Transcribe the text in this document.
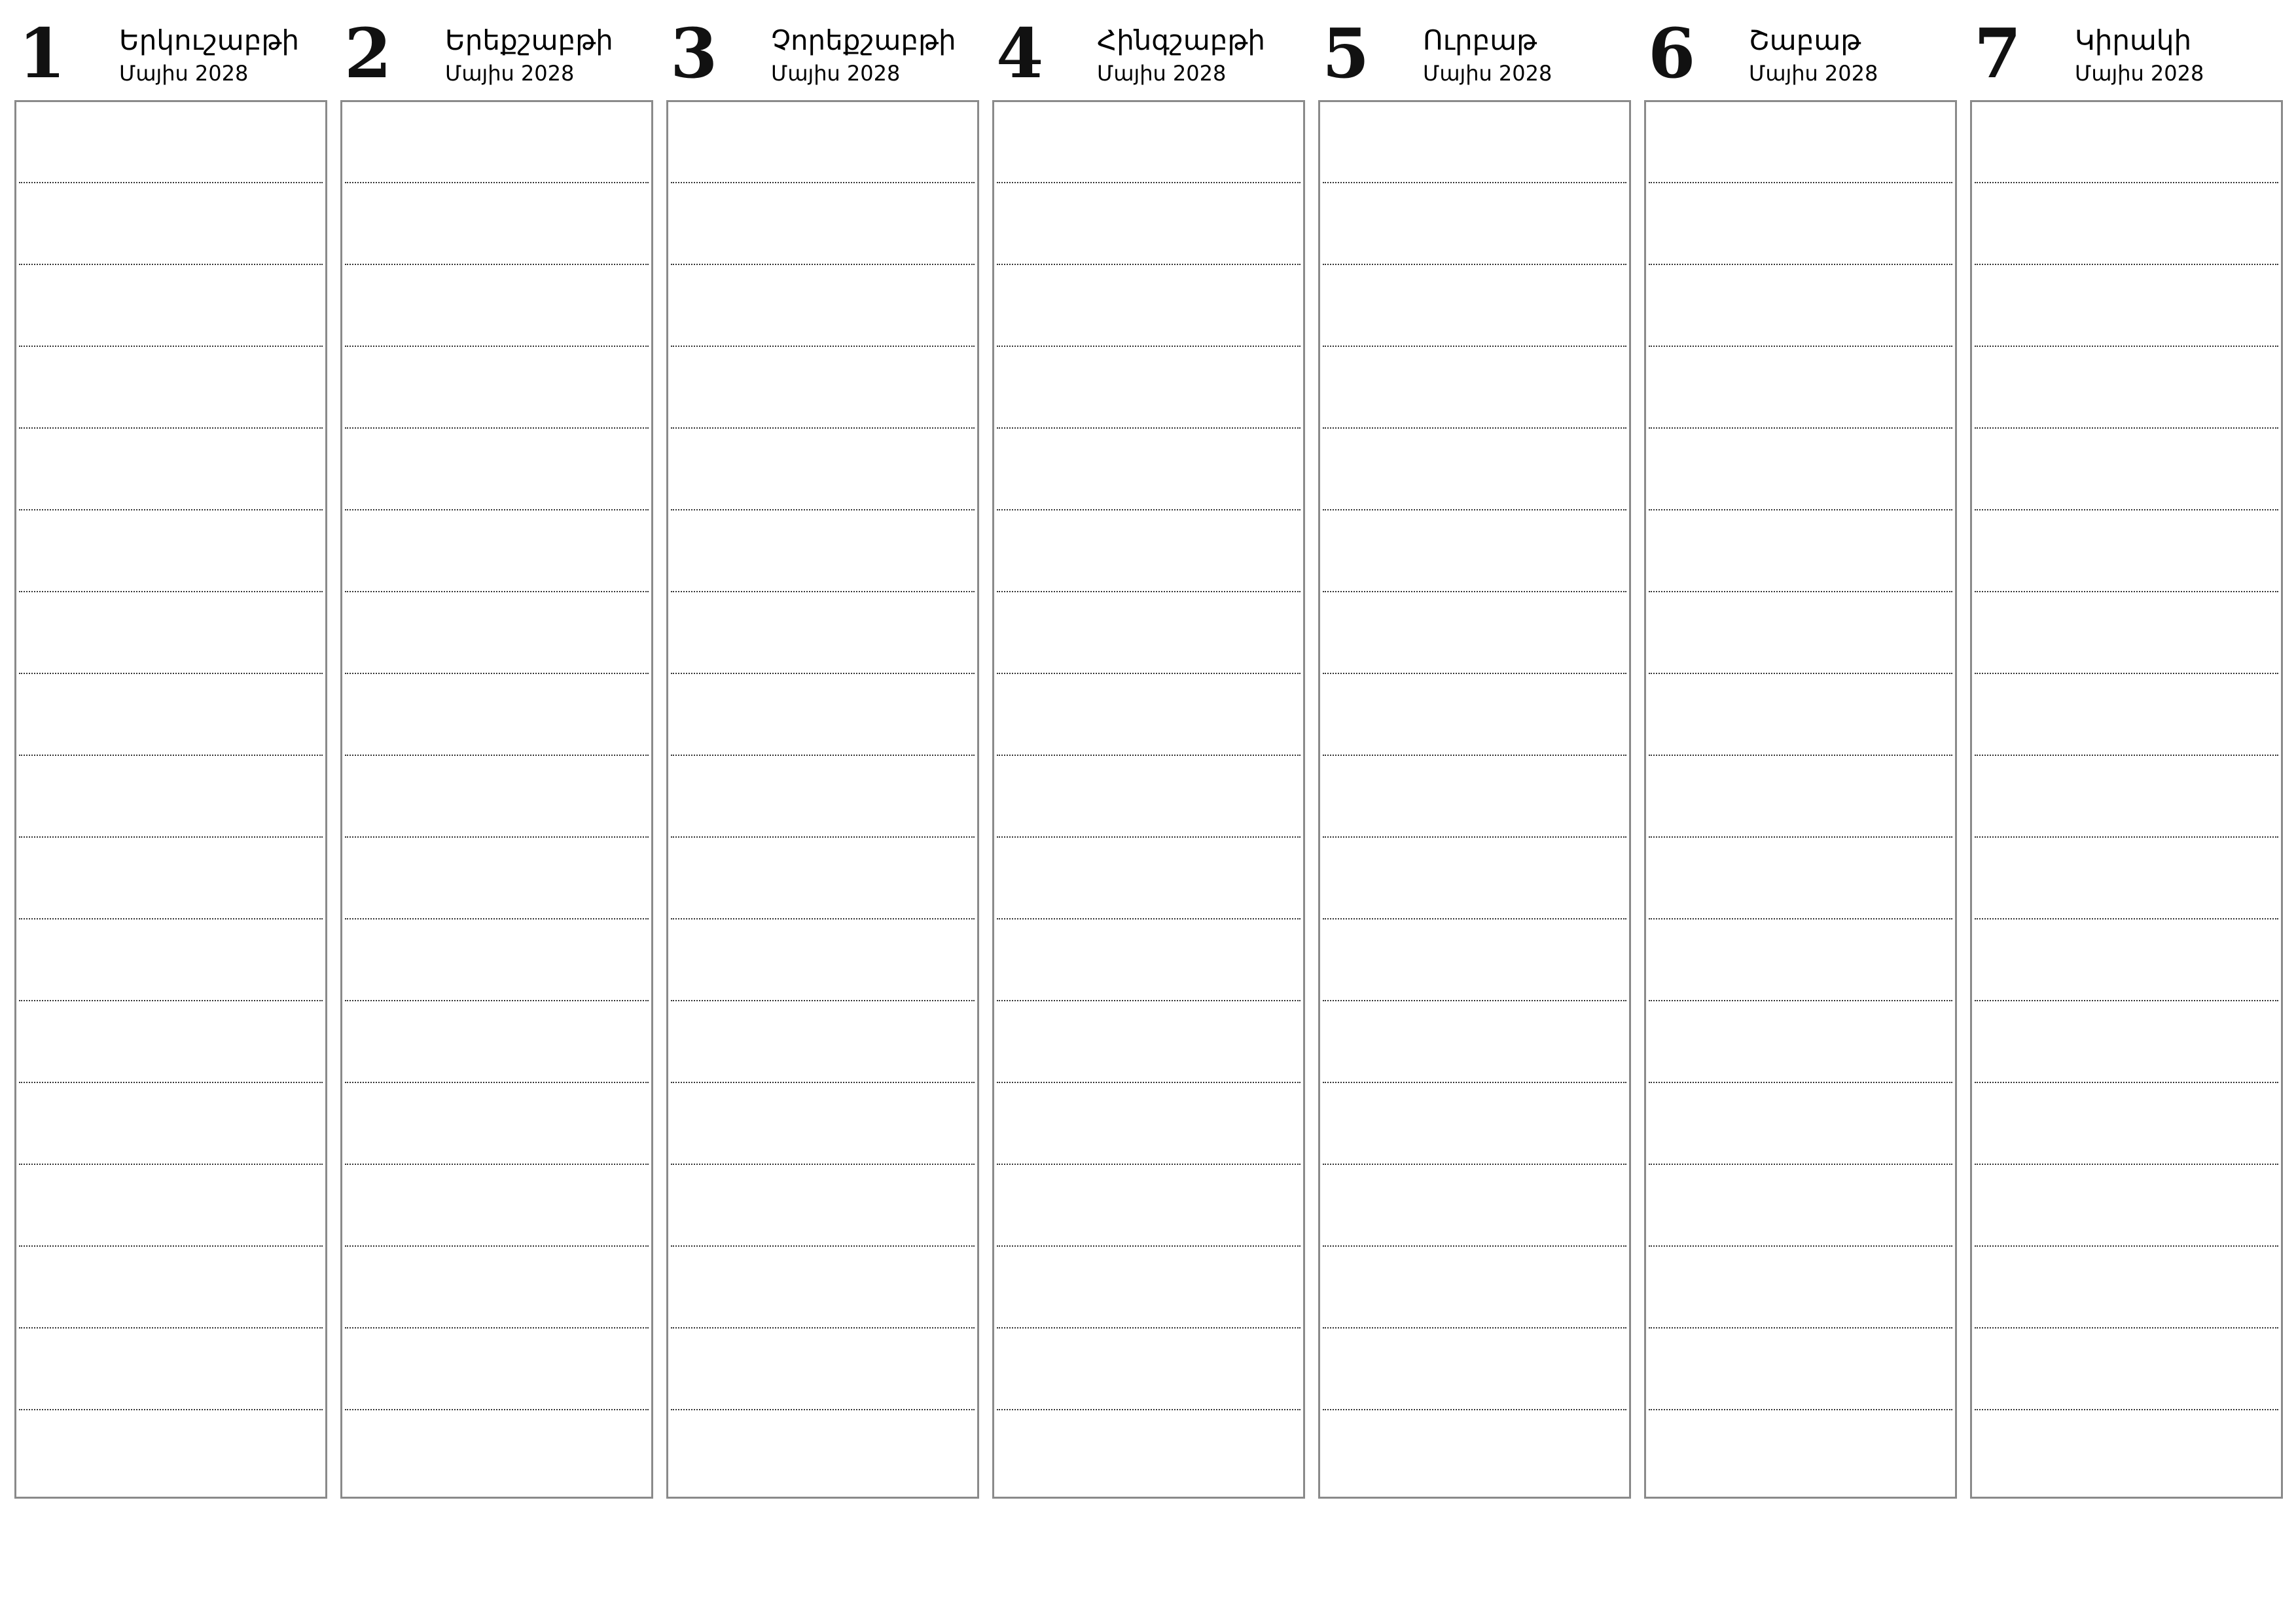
1 Երկուշաբթի
Մայիս 2028 2 Երեքշաբթի
Մայիս 2028 3 Չորեքշաբթի
Մայիս 2028 4 Հինգշաբթի
Մայիս 2028 5 Ուրբաթ
Մայիս 2028 6 Շաբաթ
Մայիս 2028 7 Կիրակի
Մայիս 2028
